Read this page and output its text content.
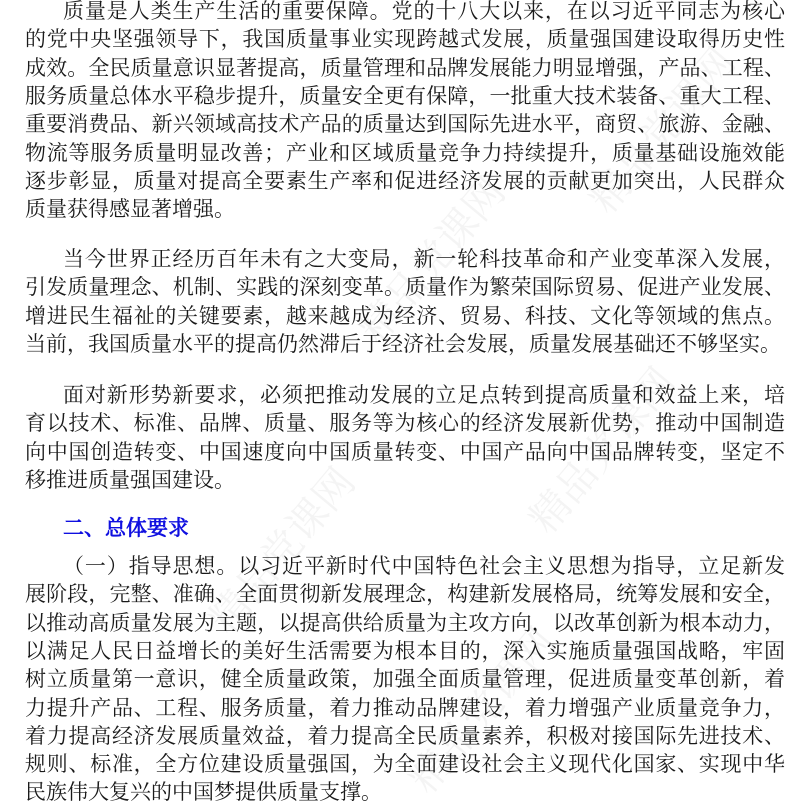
精品党课网
精品党课网
精品党课网
精品党课网
精品党课网
质量是人类生产生活的重要保障。党的十八大以来，在以习近平同志为核心
的党中央坚强领导下，我国质量事业实现跨越式发展，质量强国建设取得历史性
成效。全民质量意识显著提高，质量管理和品牌发展能力明显增强，产品、工程、
服务质量总体水平稳步提升，质量安全更有保障，一批重大技术装备、重大工程、
重要消费品、新兴领域高技术产品的质量达到国际先进水平，商贸、旅游、金融、
物流等服务质量明显改善；产业和区域质量竞争力持续提升，质量基础设施效能
逐步彰显，质量对提高全要素生产率和促进经济发展的贡献更加突出，人民群众
质量获得感显著增强。
当今世界正经历百年未有之大变局，新一轮科技革命和产业变革深入发展，
引发质量理念、机制、实践的深刻变革。质量作为繁荣国际贸易、促进产业发展、
增进民生福祉的关键要素，越来越成为经济、贸易、科技、文化等领域的焦点。
当前，我国质量水平的提高仍然滞后于经济社会发展，质量发展基础还不够坚实。
面对新形势新要求，必须把推动发展的立足点转到提高质量和效益上来，培
育以技术、标准、品牌、质量、服务等为核心的经济发展新优势，推动中国制造
向中国创造转变、中国速度向中国质量转变、中国产品向中国品牌转变，坚定不
移推进质量强国建设。
（一）指导思想。以习近平新时代中国特色社会主义思想为指导，立足新发
展阶段，完整、准确、全面贯彻新发展理念，构建新发展格局，统筹发展和安全，
以推动高质量发展为主题，以提高供给质量为主攻方向，以改革创新为根本动力，
以满足人民日益增长的美好生活需要为根本目的，深入实施质量强国战略，牢固
树立质量第一意识，健全质量政策，加强全面质量管理，促进质量变革创新，着
力提升产品、工程、服务质量，着力推动品牌建设，着力增强产业质量竞争力，
着力提高经济发展质量效益，着力提高全民质量素养，积极对接国际先进技术、
规则、标准，全方位建设质量强国，为全面建设社会主义现代化国家、实现中华
民族伟大复兴的中国梦提供质量支撑。
二、总体要求
